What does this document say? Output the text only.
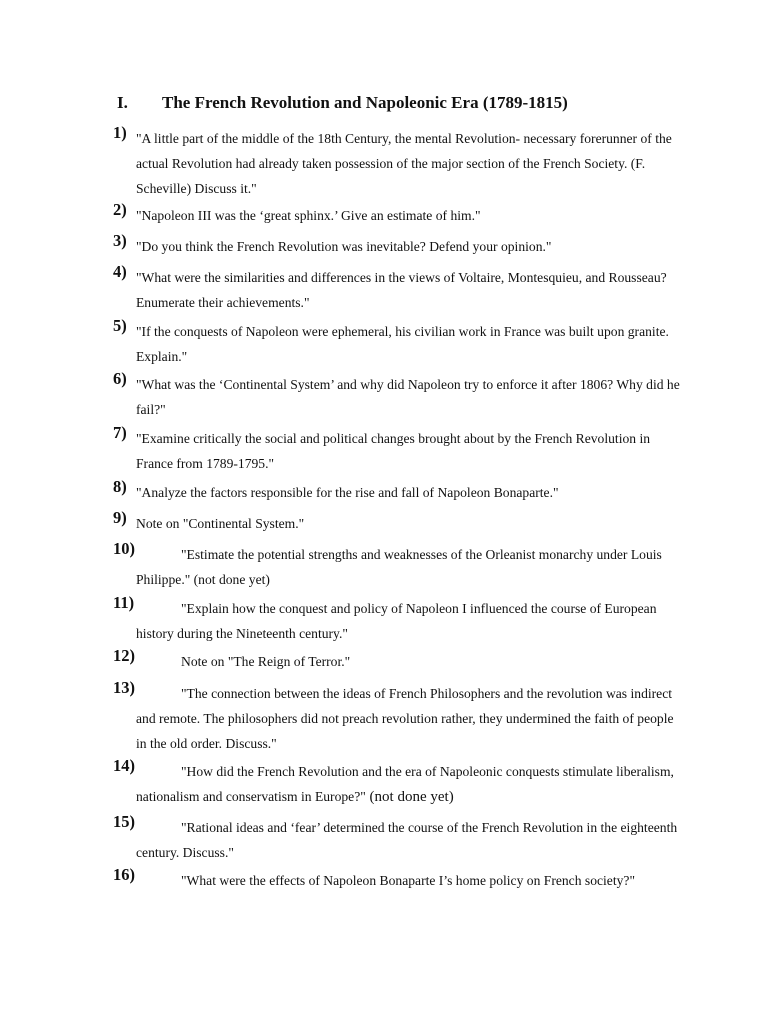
I. The French Revolution and Napoleonic Era (1789-1815)
1) "A little part of the middle of the 18th Century, the mental Revolution- necessary forerunner of the actual Revolution had already taken possession of the major section of the French Society. (F. Scheville) Discuss it."
2) "Napoleon III was the ‘great sphinx.’ Give an estimate of him."
3) "Do you think the French Revolution was inevitable? Defend your opinion."
4) "What were the similarities and differences in the views of Voltaire, Montesquieu, and Rousseau? Enumerate their achievements."
5) "If the conquests of Napoleon were ephemeral, his civilian work in France was built upon granite. Explain."
6) "What was the ‘Continental System’ and why did Napoleon try to enforce it after 1806? Why did he fail?"
7) "Examine critically the social and political changes brought about by the French Revolution in France from 1789-1795."
8) "Analyze the factors responsible for the rise and fall of Napoleon Bonaparte."
9) Note on "Continental System."
10)	"Estimate the potential strengths and weaknesses of the Orleanist monarchy under Louis Philippe." (not done yet)
11)	"Explain how the conquest and policy of Napoleon I influenced the course of European history during the Nineteenth century."
12)	Note on "The Reign of Terror."
13)	"The connection between the ideas of French Philosophers and the revolution was indirect and remote. The philosophers did not preach revolution rather, they undermined the faith of people in the old order. Discuss."
14)	"How did the French Revolution and the era of Napoleonic conquests stimulate liberalism, nationalism and conservatism in Europe?" (not done yet)
15)	"Rational ideas and ‘fear’ determined the course of the French Revolution in the eighteenth century. Discuss."
16)	"What were the effects of Napoleon Bonaparte I’s home policy on French society?"
